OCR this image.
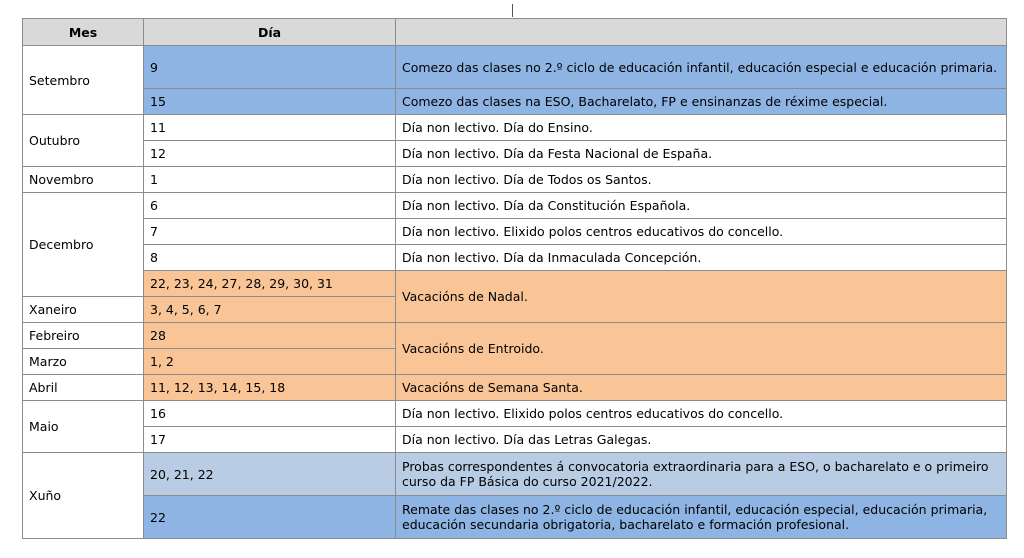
Mes	Día	
Setembro	9	Comezo das clases no 2.º ciclo de educación infantil, educación especial e educación primaria.
	15	Comezo das clases na ESO, Bacharelato, FP e ensinanzas de réxime especial.
Outubro	11	Día non lectivo. Día do Ensino.
	12	Día non lectivo. Día da Festa Nacional de España.
Novembro	1	Día non lectivo. Día de Todos os Santos.
Decembro	6	Día non lectivo. Día da Constitución Española.
	7	Día non lectivo. Elixido polos centros educativos do concello.
	8	Día non lectivo. Día da Inmaculada Concepción.
	22, 23, 24, 27, 28, 29, 30, 31	Vacacións de Nadal.
Xaneiro	3, 4, 5, 6, 7	
Febreiro	28	Vacacións de Entroido.
Marzo	1, 2	
Abril	11, 12, 13, 14, 15, 18	Vacacións de Semana Santa.
Maio	16	Día non lectivo. Elixido polos centros educativos do concello.
	17	Día non lectivo. Día das Letras Galegas.
Xuño	20, 21, 22	Probas correspondentes á convocatoria extraordinaria para a ESO, o bacharelato e o primeiro curso da FP Básica do curso 2021/2022.
	22	Remate das clases no 2.º ciclo de educación infantil, educación especial, educación primaria, educación secundaria obrigatoria, bacharelato e formación profesional.
